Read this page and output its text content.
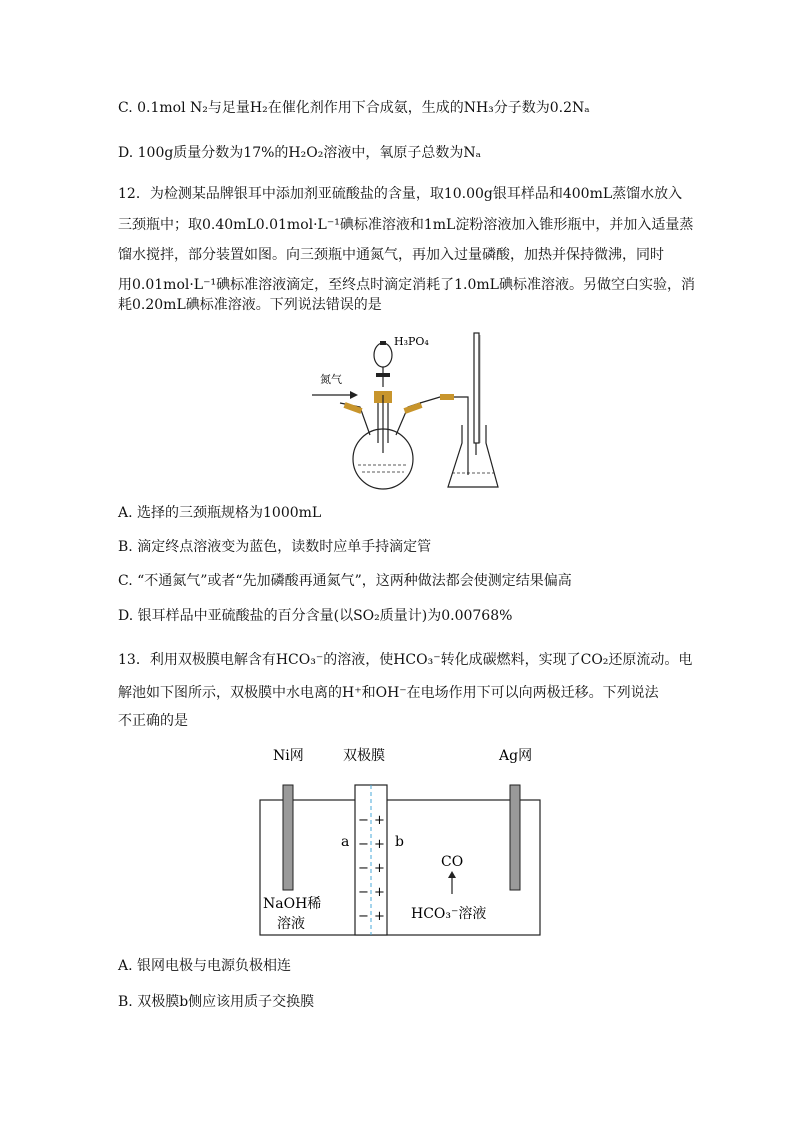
C. 0.1mol N₂与足量H₂在催化剂作用下合成氨，生成的NH₃分子数为0.2Nₐ
D. 100g质量分数为17%的H₂O₂溶液中，氧原子总数为Nₐ
12．为检测某品牌银耳中添加剂亚硫酸盐的含量，取10.00g银耳样品和400mL蒸馏水放入
三颈瓶中；取0.40mL0.01mol·L⁻¹碘标准溶液和1mL淀粉溶液加入锥形瓶中，并加入适量蒸
馏水搅拌，部分装置如图。向三颈瓶中通氮气，再加入过量磷酸，加热并保持微沸，同时
用0.01mol·L⁻¹碘标准溶液滴定，至终点时滴定消耗了1.0mL碘标准溶液。另做空白实验，消
耗0.20mL碘标准溶液。下列说法错误的是
氮气
H₃PO₄
A. 选择的三颈瓶规格为1000mL
B. 滴定终点溶液变为蓝色，读数时应单手持滴定管
C. “不通氮气”或者“先加磷酸再通氮气”，这两种做法都会使测定结果偏高
D. 银耳样品中亚硫酸盐的百分含量(以SO₂质量计)为0.00768%
13．利用双极膜电解含有HCO₃⁻的溶液，使HCO₃⁻转化成碳燃料，实现了CO₂还原流动。电
解池如下图所示，双极膜中水电离的H⁺和OH⁻在电场作用下可以向两极迁移。下列说法
不正确的是
Ni网	Ag网
双极膜
a	b
−
−
−
−
−
+
+
+
+
+
CO
NaOH稀
溶液
HCO₃⁻溶液
A. 银网电极与电源负极相连
B. 双极膜b侧应该用质子交换膜
